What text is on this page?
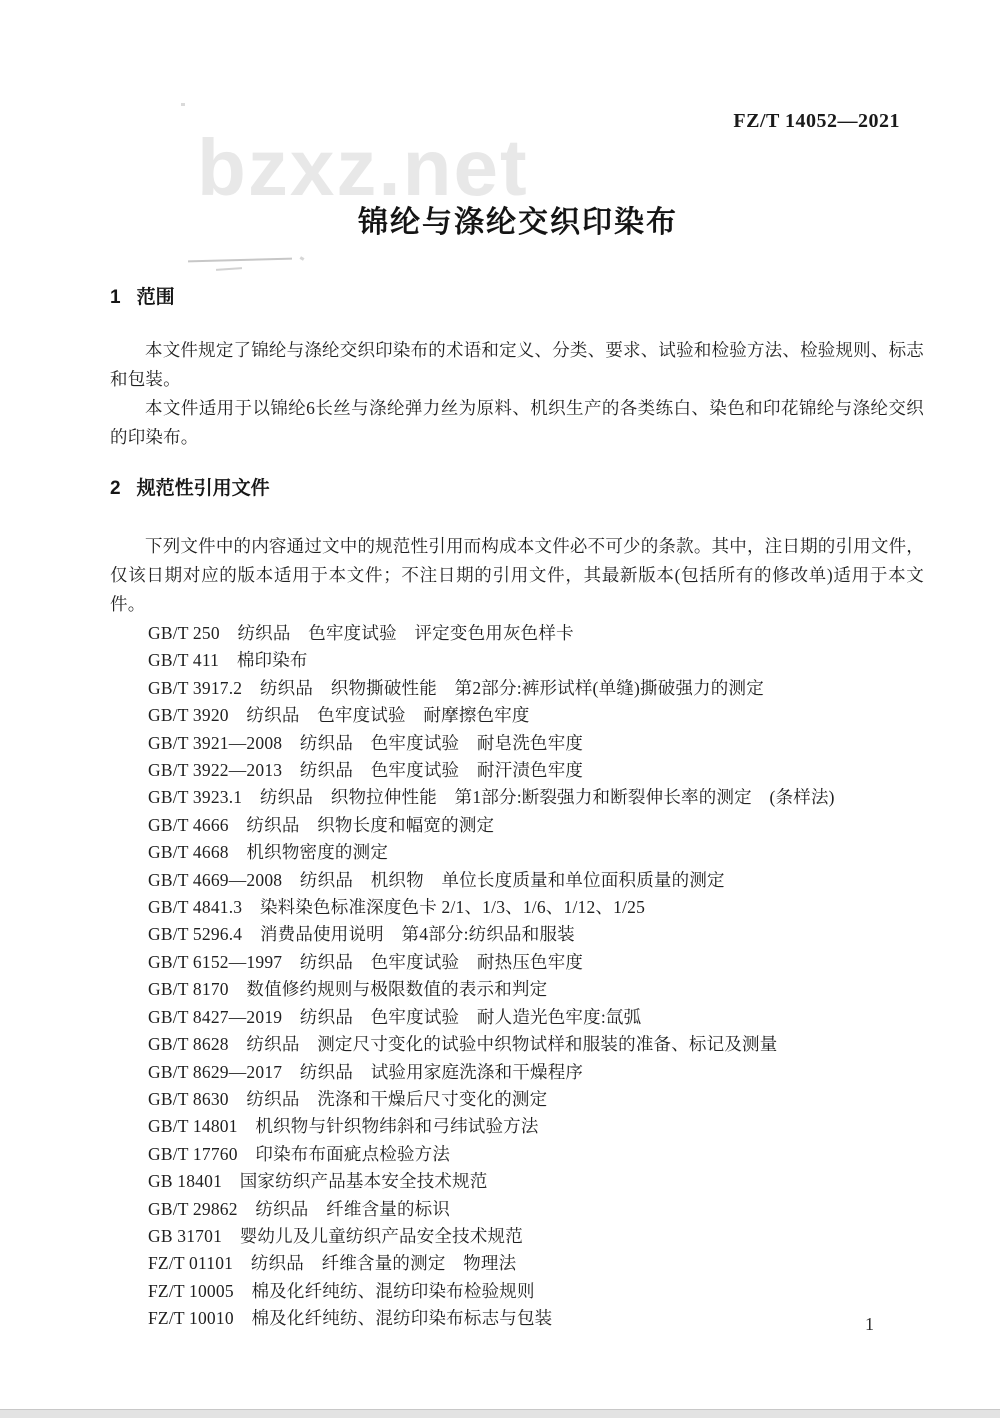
FZ/T 14052—2021
bzxz.net
锦纶与涤纶交织印染布
1 范围

本文件规定了锦纶与涤纶交织印染布的术语和定义、分类、要求、试验和检验方法、检验规则、标志和包装。

本文件适用于以锦纶6长丝与涤纶弹力丝为原料、机织生产的各类练白、染色和印花锦纶与涤纶交织的印染布。

2 规范性引用文件

下列文件中的内容通过文中的规范性引用而构成本文件必不可少的条款。其中，注日期的引用文件，仅该日期对应的版本适用于本文件；不注日期的引用文件，其最新版本(包括所有的修改单)适用于本文件。

GB/T 250　纺织品　色牢度试验　评定变色用灰色样卡
GB/T 411　棉印染布
GB/T 3917.2　纺织品　织物撕破性能　第2部分:裤形试样(单缝)撕破强力的测定
GB/T 3920　纺织品　色牢度试验　耐摩擦色牢度
GB/T 3921—2008　纺织品　色牢度试验　耐皂洗色牢度
GB/T 3922—2013　纺织品　色牢度试验　耐汗渍色牢度
GB/T 3923.1　纺织品　织物拉伸性能　第1部分:断裂强力和断裂伸长率的测定　(条样法)
GB/T 4666　纺织品　织物长度和幅宽的测定
GB/T 4668　机织物密度的测定
GB/T 4669—2008　纺织品　机织物　单位长度质量和单位面积质量的测定
GB/T 4841.3　染料染色标准深度色卡 2/1、1/3、1/6、1/12、1/25
GB/T 5296.4　消费品使用说明　第4部分:纺织品和服装
GB/T 6152—1997　纺织品　色牢度试验　耐热压色牢度
GB/T 8170　数值修约规则与极限数值的表示和判定
GB/T 8427—2019　纺织品　色牢度试验　耐人造光色牢度:氙弧
GB/T 8628　纺织品　测定尺寸变化的试验中织物试样和服装的准备、标记及测量
GB/T 8629—2017　纺织品　试验用家庭洗涤和干燥程序
GB/T 8630　纺织品　洗涤和干燥后尺寸变化的测定
GB/T 14801　机织物与针织物纬斜和弓纬试验方法
GB/T 17760　印染布布面疵点检验方法
GB 18401　国家纺织产品基本安全技术规范
GB/T 29862　纺织品　纤维含量的标识
GB 31701　婴幼儿及儿童纺织产品安全技术规范
FZ/T 01101　纺织品　纤维含量的测定　物理法
FZ/T 10005　棉及化纤纯纺、混纺印染布检验规则
FZ/T 10010　棉及化纤纯纺、混纺印染布标志与包装	1
